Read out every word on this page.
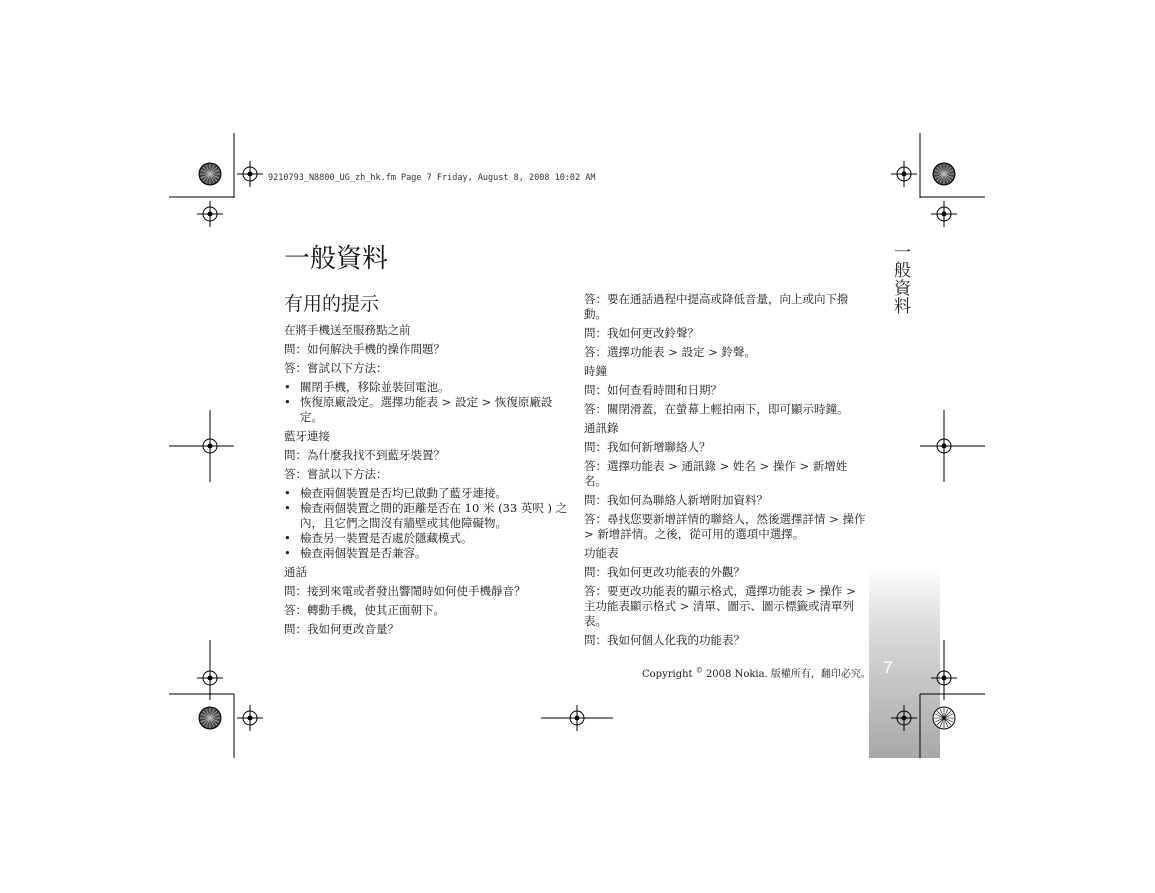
一般資料
7
9210793_N8800_UG_zh_hk.fm Page 7 Friday, August 8, 2008 10:02 AM
一般資料
有用的提示
在將手機送至服務點之前
問：如何解決手機的操作問題？
答：嘗試以下方法：
• 關閉手機，移除並裝回電池。
• 恢復原廠設定。選擇功能表 > 設定 > 恢復原廠設定。
藍牙連接
問：為什麼我找不到藍牙裝置？
答：嘗試以下方法：
• 檢查兩個裝置是否均已啟動了藍牙連接。
• 檢查兩個裝置之間的距離是否在 10 米 (33 英呎 ) 之內，且它們之間沒有牆壁或其他障礙物。
• 檢查另一裝置是否處於隱藏模式。
• 檢查兩個裝置是否兼容。
通話
問：接到來電或者發出響鬧時如何使手機靜音？
答：轉動手機，使其正面朝下。
問：我如何更改音量？
答：要在通話過程中提高或降低音量，向上或向下撥動。
問：我如何更改鈴聲？
答：選擇功能表 > 設定 > 鈴聲。
時鐘
問：如何查看時間和日期？
答：關閉滑蓋，在螢幕上輕拍兩下，即可顯示時鐘。
通訊錄
問：我如何新增聯絡人？
答：選擇功能表 > 通訊錄 > 姓名 > 操作 > 新增姓名。
問：我如何為聯絡人新增附加資料？
答：尋找您要新增詳情的聯絡人，然後選擇詳情 > 操作 > 新增詳情。之後，從可用的選項中選擇。
功能表
問：我如何更改功能表的外觀？
答：要更改功能表的顯示格式，選擇功能表 > 操作 > 主功能表顯示格式 > 清單、圖示、圖示標籤或清單列表。
問：我如何個人化我的功能表？
Copyright © 2008 Nokia. 版權所有，翻印必究。
